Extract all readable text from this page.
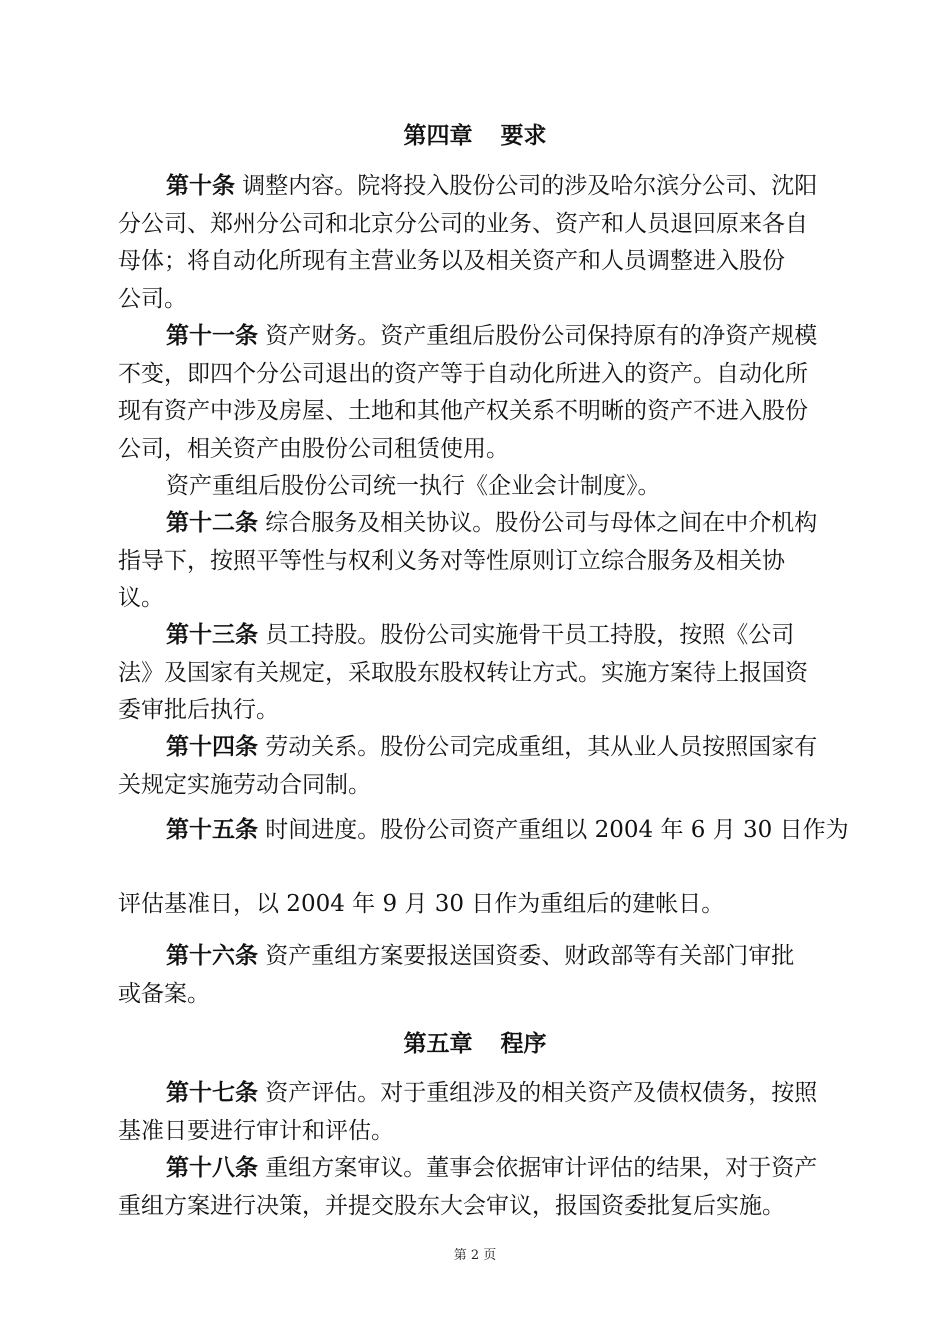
第四章 要求
第十条 调整内容。院将投入股份公司的涉及哈尔滨分公司、沈阳
分公司、郑州分公司和北京分公司的业务、资产和人员退回原来各自
母体；将自动化所现有主营业务以及相关资产和人员调整进入股份
公司。
第十一条 资产财务。资产重组后股份公司保持原有的净资产规模
不变，即四个分公司退出的资产等于自动化所进入的资产。自动化所
现有资产中涉及房屋、土地和其他产权关系不明晰的资产不进入股份
公司，相关资产由股份公司租赁使用。
资产重组后股份公司统一执行《企业会计制度》。
第十二条 综合服务及相关协议。股份公司与母体之间在中介机构
指导下，按照平等性与权利义务对等性原则订立综合服务及相关协
议。
第十三条 员工持股。股份公司实施骨干员工持股，按照《公司
法》及国家有关规定，采取股东股权转让方式。实施方案待上报国资
委审批后执行。
第十四条 劳动关系。股份公司完成重组，其从业人员按照国家有
关规定实施劳动合同制。
第十五条 时间进度。股份公司资产重组以 2004 年 6 月 30 日作为
评估基准日，以 2004 年 9 月 30 日作为重组后的建帐日。
第十六条 资产重组方案要报送国资委、财政部等有关部门审批
或备案。
第五章 程序
第十七条 资产评估。对于重组涉及的相关资产及债权债务，按照
基准日要进行审计和评估。
第十八条 重组方案审议。董事会依据审计评估的结果，对于资产
重组方案进行决策，并提交股东大会审议，报国资委批复后实施。
第 2 页
